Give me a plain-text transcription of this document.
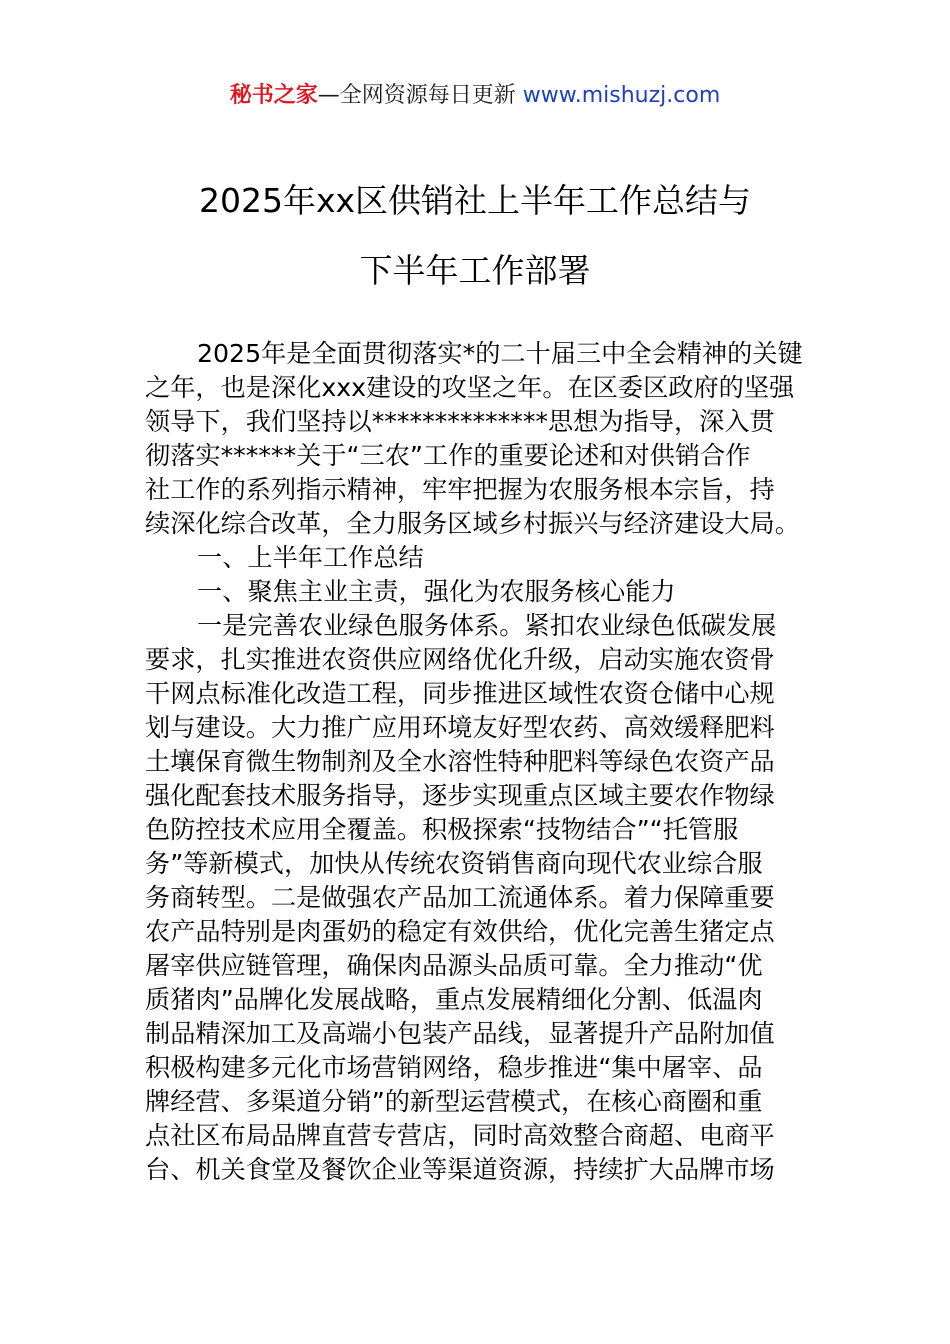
秘书之家—全网资源每日更新 www.mishuzj.com
2025年xx区供销社上半年工作总结与
下半年工作部署
2025年是全面贯彻落实*的二十届三中全会精神的关键
之年，也是深化xxx建设的攻坚之年。在区委区政府的坚强
领导下，我们坚持以**************思想为指导，深入贯
彻落实******关于“三农”工作的重要论述和对供销合作
社工作的系列指示精神，牢牢把握为农服务根本宗旨，持
续深化综合改革，全力服务区域乡村振兴与经济建设大局。
一、上半年工作总结
一、聚焦主业主责，强化为农服务核心能力
一是完善农业绿色服务体系。紧扣农业绿色低碳发展
要求，扎实推进农资供应网络优化升级，启动实施农资骨
干网点标准化改造工程，同步推进区域性农资仓储中心规
划与建设。大力推广应用环境友好型农药、高效缓释肥料
土壤保育微生物制剂及全水溶性特种肥料等绿色农资产品
强化配套技术服务指导，逐步实现重点区域主要农作物绿
色防控技术应用全覆盖。积极探索“技物结合”“托管服
务”等新模式，加快从传统农资销售商向现代农业综合服
务商转型。二是做强农产品加工流通体系。着力保障重要
农产品特别是肉蛋奶的稳定有效供给，优化完善生猪定点
屠宰供应链管理，确保肉品源头品质可靠。全力推动“优
质猪肉”品牌化发展战略，重点发展精细化分割、低温肉
制品精深加工及高端小包装产品线，显著提升产品附加值
积极构建多元化市场营销网络，稳步推进“集中屠宰、品
牌经营、多渠道分销”的新型运营模式，在核心商圈和重
点社区布局品牌直营专营店，同时高效整合商超、电商平
台、机关食堂及餐饮企业等渠道资源，持续扩大品牌市场
